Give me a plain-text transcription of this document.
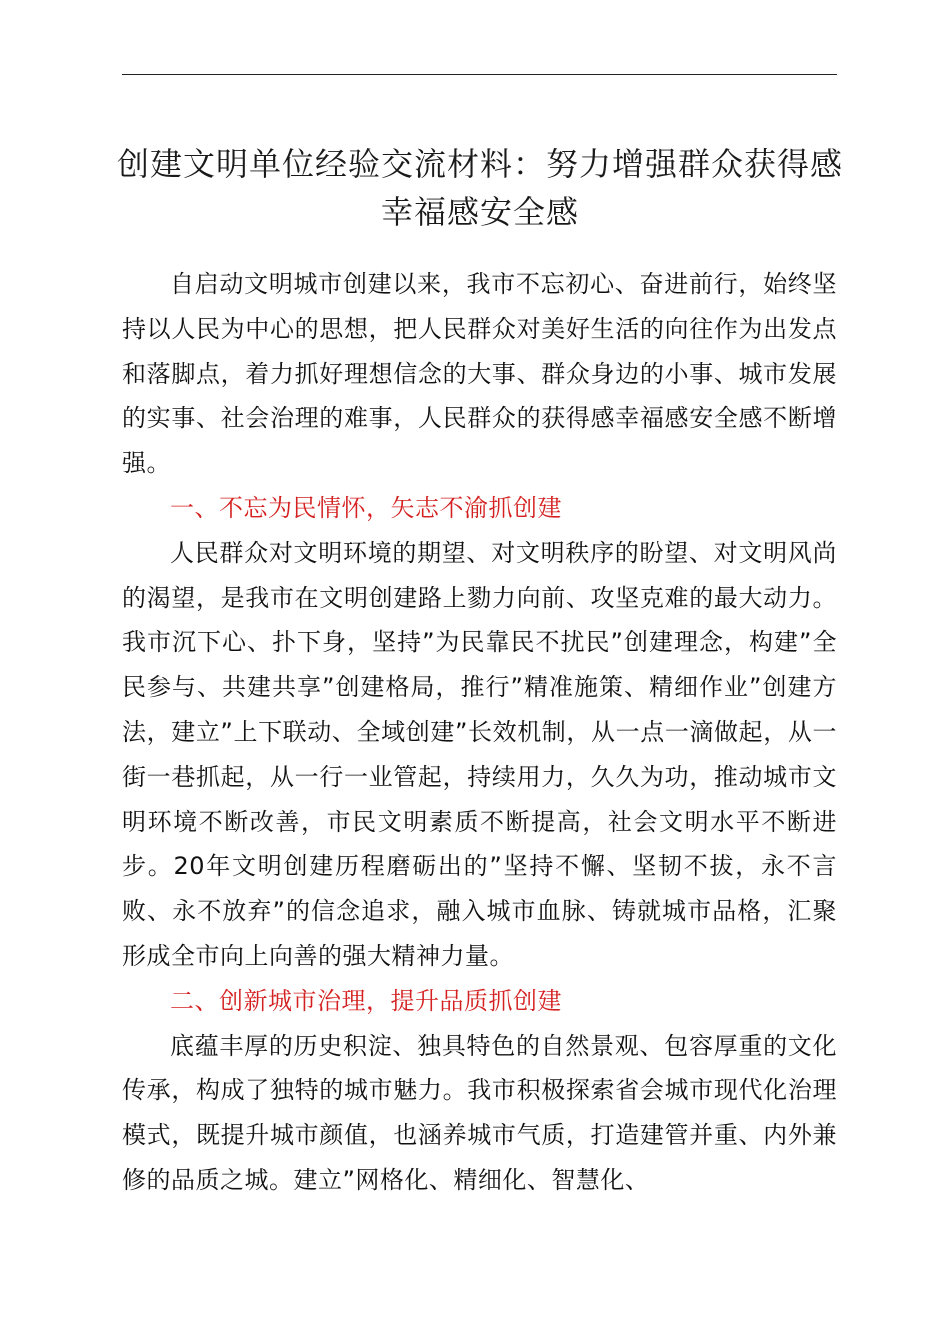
创建文明单位经验交流材料：努力增强群众获得感幸福感安全感

自启动文明城市创建以来，我市不忘初心、奋进前行，始终坚持以人民为中心的思想，把人民群众对美好生活的向往作为出发点和落脚点，着力抓好理想信念的大事、群众身边的小事、城市发展的实事、社会治理的难事，人民群众的获得感幸福感安全感不断增强。

一、不忘为民情怀，矢志不渝抓创建

人民群众对文明环境的期望、对文明秩序的盼望、对文明风尚的渴望，是我市在文明创建路上勠力向前、攻坚克难的最大动力。我市沉下心、扑下身，坚持”为民靠民不扰民”创建理念，构建”全民参与、共建共享”创建格局，推行”精准施策、精细作业”创建方法，建立”上下联动、全域创建”长效机制，从一点一滴做起，从一街一巷抓起，从一行一业管起，持续用力，久久为功，推动城市文明环境不断改善，市民文明素质不断提高，社会文明水平不断进步。20年文明创建历程磨砺出的”坚持不懈、坚韧不拔，永不言败、永不放弃”的信念追求，融入城市血脉、铸就城市品格，汇聚形成全市向上向善的强大精神力量。

二、创新城市治理，提升品质抓创建

底蕴丰厚的历史积淀、独具特色的自然景观、包容厚重的文化传承，构成了独特的城市魅力。我市积极探索省会城市现代化治理模式，既提升城市颜值，也涵养城市气质，打造建管并重、内外兼修的品质之城。建立”网格化、精细化、智慧化、
